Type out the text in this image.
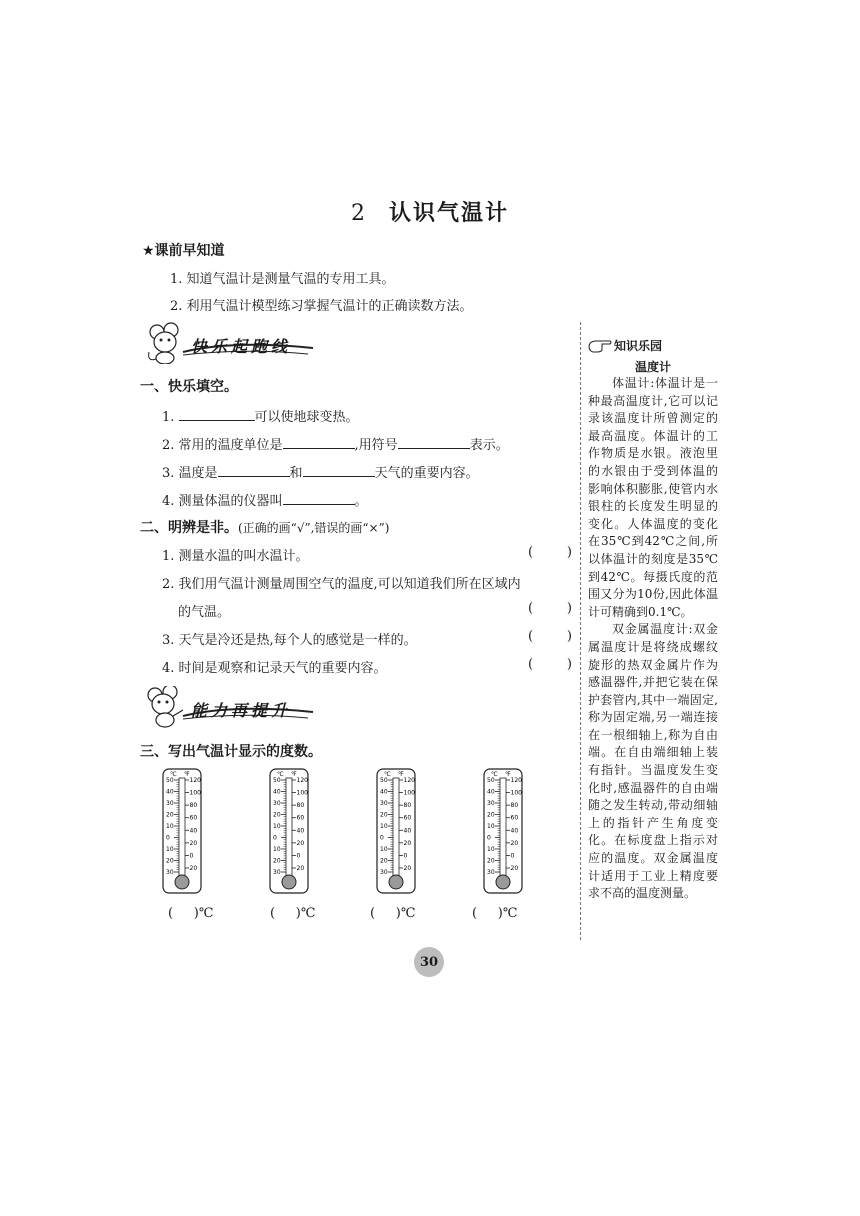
2 认识气温计
★课前早知道
1. 知道气温计是测量气温的专用工具。
2. 利用气温计模型练习掌握气温计的正确读数方法。
快乐起跑线
一、快乐填空。
1.	可以使地球变热。
2. 常用的温度单位是	,用符号	表示。
3. 温度是	和	天气的重要内容。
4. 测量体温的仪器叫	。
二、明辨是非。(正确的画“√”,错误的画“×”)
1. 测量水温的叫水温计。	(	)
2. 我们用气温计测量周围空气的温度,可以知道我们所在区域内
的气温。	(	)
3. 天气是冷还是热,每个人的感觉是一样的。	(	)
4. 时间是观察和记录天气的重要内容。	(	)
能力再提升
三、写出气温计显示的度数。
℃ ℉
50
40
30
20
10
0
10
20
30
120
100
80
60
40
20
0
20
℃ ℉
50
40
30
20
10
0
10
20
30
120
100
80
60
40
20
0
20
℃ ℉
50
40
30
20
10
0
10
20
30
120
100
80
60
40
20
0
20
℃ ℉
50
40
30
20
10
0
10
20
30
120
100
80
60
40
20
0
20
( )℃	( )℃	( )℃	( )℃
知识乐园
温度计

体温计:体温计是一种最高温度计,它可以记录该温度计所曾测定的最高温度。体温计的工作物质是水银。液泡里的水银由于受到体温的影响体积膨胀,使管内水银柱的长度发生明显的变化。人体温度的变化在35℃到42℃之间,所以体温计的刻度是35℃到42℃。每摄氏度的范围又分为10份,因此体温计可精确到0.1℃。

双金属温度计:双金属温度计是将绕成螺纹旋形的热双金属片作为感温器件,并把它装在保护套管内,其中一端固定,称为固定端,另一端连接在一根细轴上,称为自由端。在自由端细轴上装有指针。当温度发生变化时,感温器件的自由端随之发生转动,带动细轴上的指针产生角度变化。在标度盘上指示对应的温度。双金属温度计适用于工业上精度要求不高的温度测量。

30
